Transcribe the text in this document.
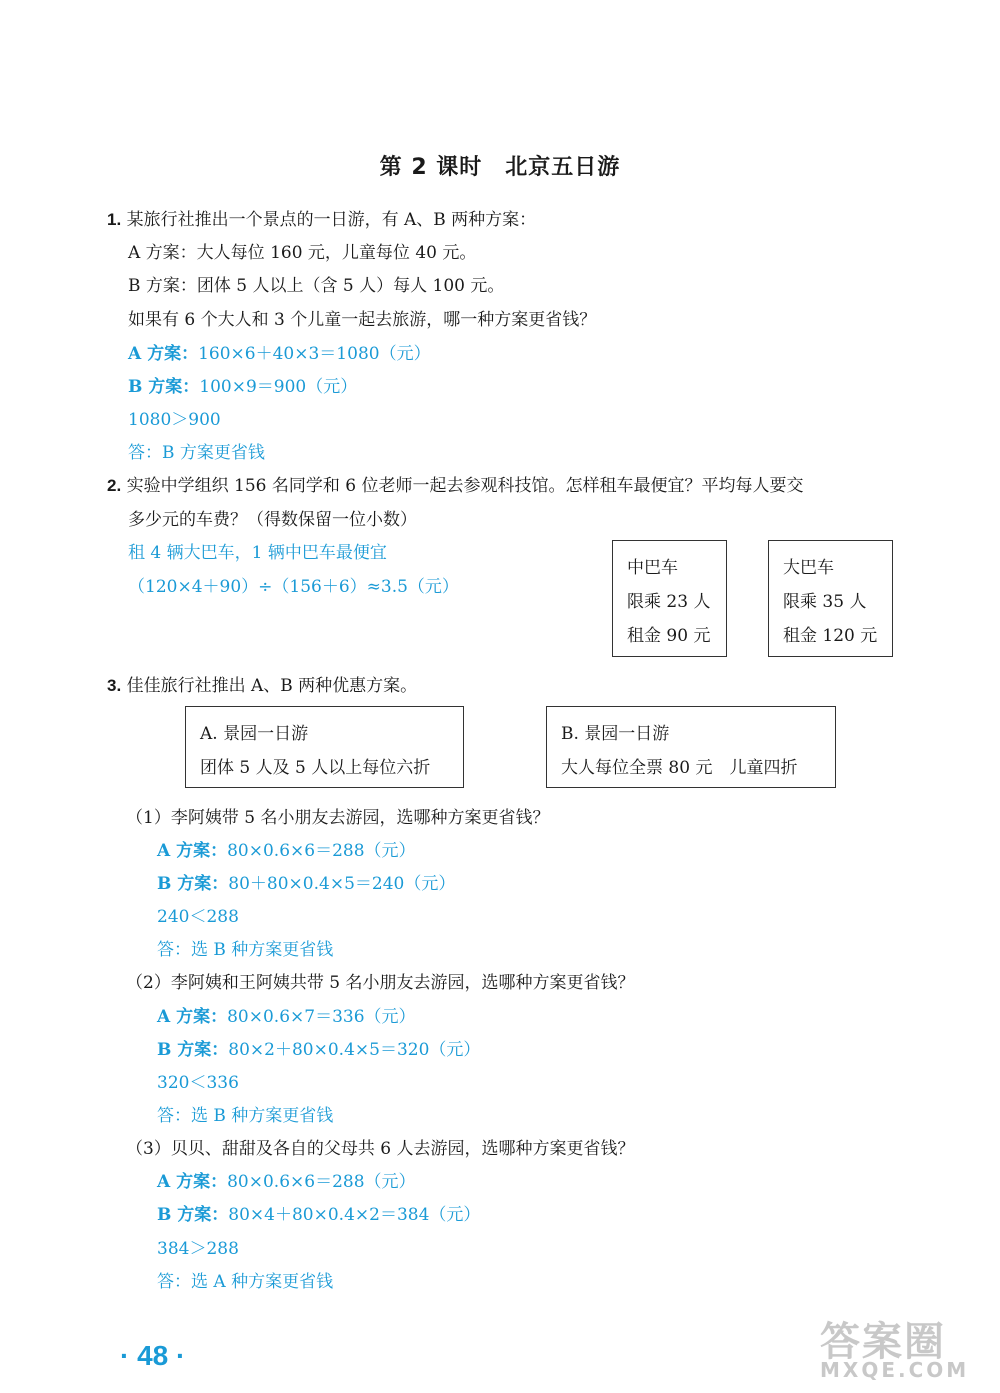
第 2 课时　北京五日游
1. 某旅行社推出一个景点的一日游，有 A、B 两种方案：
A 方案：大人每位 160 元，儿童每位 40 元。
B 方案：团体 5 人以上（含 5 人）每人 100 元。
如果有 6 个大人和 3 个儿童一起去旅游，哪一种方案更省钱？
A 方案：160×6＋40×3＝1080（元）
B 方案：100×9＝900（元）
1080＞900
答：B 方案更省钱
2. 实验中学组织 156 名同学和 6 位老师一起去参观科技馆。怎样租车最便宜？平均每人要交
多少元的车费？（得数保留一位小数）
租 4 辆大巴车，1 辆中巴车最便宜
（120×4＋90）÷（156＋6）≈3.5（元）
中巴车
限乘 23 人
租金 90 元
大巴车
限乘 35 人
租金 120 元
3. 佳佳旅行社推出 A、B 两种优惠方案。
A. 景园一日游
团体 5 人及 5 人以上每位六折
B. 景园一日游
大人每位全票 80 元　儿童四折
（1）李阿姨带 5 名小朋友去游园，选哪种方案更省钱？
A 方案：80×0.6×6＝288（元）
B 方案：80＋80×0.4×5＝240（元）
240＜288
答：选 B 种方案更省钱
（2）李阿姨和王阿姨共带 5 名小朋友去游园，选哪种方案更省钱？
A 方案：80×0.6×7＝336（元）
B 方案：80×2＋80×0.4×5＝320（元）
320＜336
答：选 B 种方案更省钱
（3）贝贝、甜甜及各自的父母共 6 人去游园，选哪种方案更省钱？
A 方案：80×0.6×6＝288（元）
B 方案：80×4＋80×0.4×2＝384（元）
384＞288
答：选 A 种方案更省钱
· 48 ·	答案圈
MXQE.COM
